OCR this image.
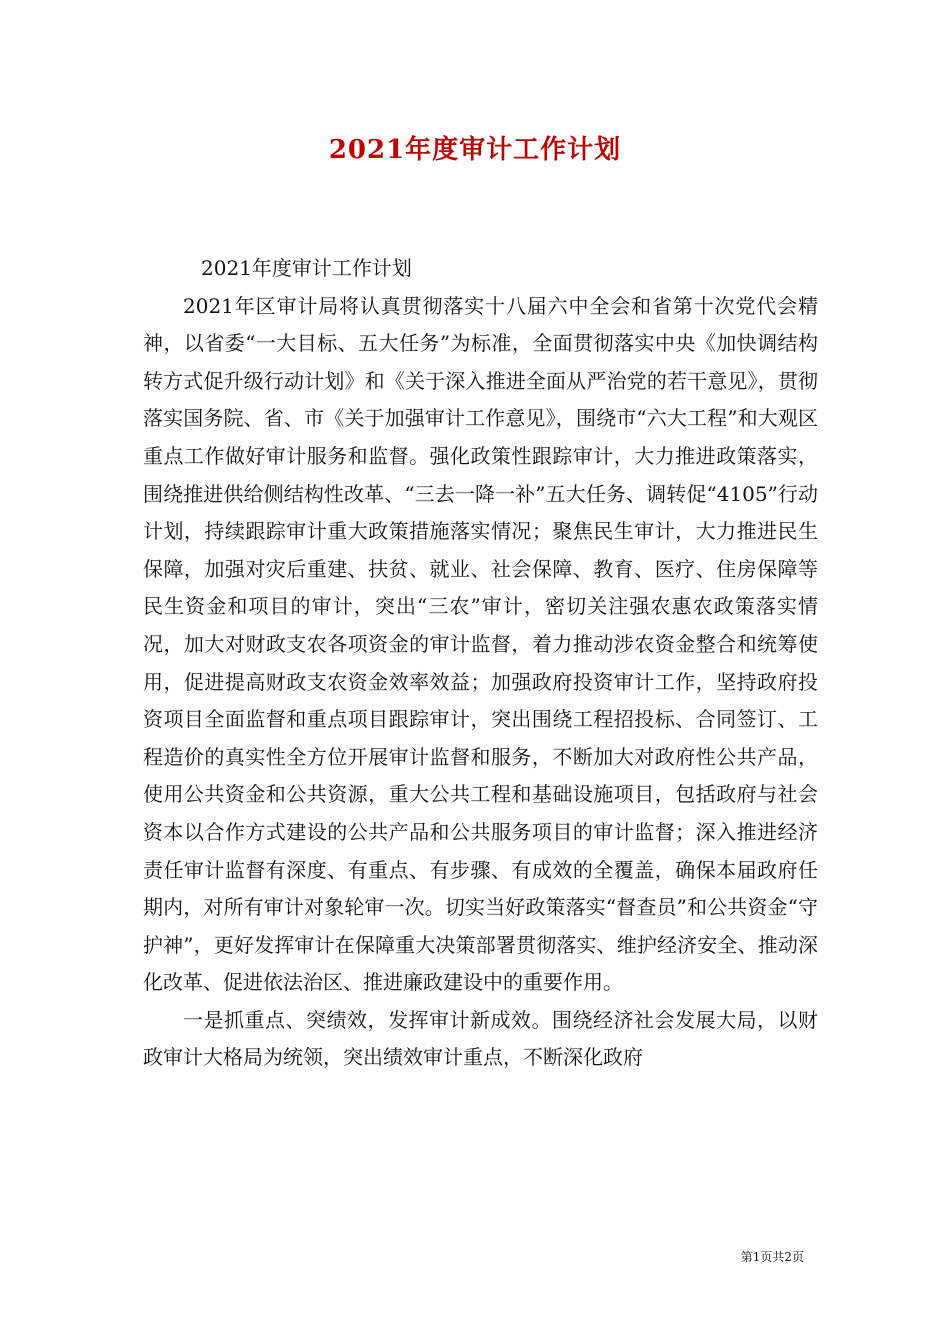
2021年度审计工作计划

2021年度审计工作计划

2021年区审计局将认真贯彻落实十八届六中全会和省第十次党代会精神，以省委“一大目标、五大任务”为标准，全面贯彻落实中央《加快调结构转方式促升级行动计划》和《关于深入推进全面从严治党的若干意见》，贯彻落实国务院、省、市《关于加强审计工作意见》，围绕市“六大工程”和大观区重点工作做好审计服务和监督。强化政策性跟踪审计，大力推进政策落实，围绕推进供给侧结构性改革、“三去一降一补”五大任务、调转促“4105”行动计划，持续跟踪审计重大政策措施落实情况；聚焦民生审计，大力推进民生保障，加强对灾后重建、扶贫、就业、社会保障、教育、医疗、住房保障等民生资金和项目的审计，突出“三农”审计，密切关注强农惠农政策落实情况，加大对财政支农各项资金的审计监督，着力推动涉农资金整合和统筹使用，促进提高财政支农资金效率效益；加强政府投资审计工作，坚持政府投资项目全面监督和重点项目跟踪审计，突出围绕工程招投标、合同签订、工程造价的真实性全方位开展审计监督和服务，不断加大对政府性公共产品，使用公共资金和公共资源，重大公共工程和基础设施项目，包括政府与社会资本以合作方式建设的公共产品和公共服务项目的审计监督；深入推进经济责任审计监督有深度、有重点、有步骤、有成效的全覆盖，确保本届政府任期内，对所有审计对象轮审一次。切实当好政策落实“督查员”和公共资金“守护神”，更好发挥审计在保障重大决策部署贯彻落实、维护经济安全、推动深化改革、促进依法治区、推进廉政建设中的重要作用。

一是抓重点、突绩效，发挥审计新成效。围绕经济社会发展大局，以财政审计大格局为统领，突出绩效审计重点，不断深化政府

第1页共2页
